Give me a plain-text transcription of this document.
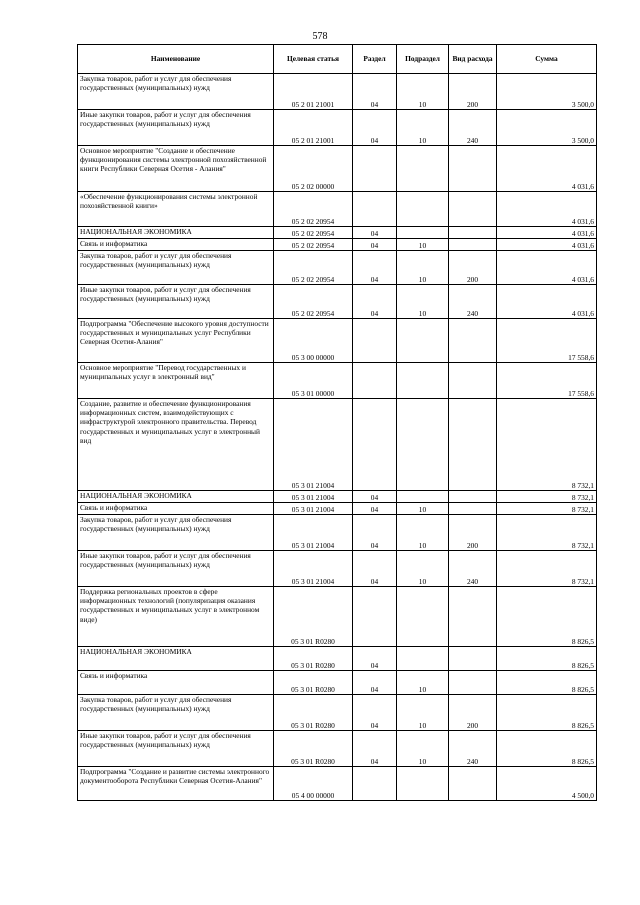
578
Наименование	Целевая статья	Раздел	Подраздел	Вид расхода	Сумма
Закупка товаров, работ и услуг для обеспечения государственных (муниципальных) нужд	05 2 01 21001	04	10	200	3 500,0
Иные закупки товаров, работ и услуг для обеспечения государственных (муниципальных) нужд	05 2 01 21001	04	10	240	3 500,0
Основное мероприятие "Создание и обеспечение функционирования системы электронной похозяйственной книги Республики Северная Осетия - Алания"	05 2 02 00000				4 031,6
«Обеспечение функционирования системы электронной похозяйственной книги»	05 2 02 20954				4 031,6
НАЦИОНАЛЬНАЯ ЭКОНОМИКА	05 2 02 20954	04			4 031,6
Связь и информатика	05 2 02 20954	04	10		4 031,6
Закупка товаров, работ и услуг для обеспечения государственных (муниципальных) нужд	05 2 02 20954	04	10	200	4 031,6
Иные закупки товаров, работ и услуг для обеспечения государственных (муниципальных) нужд	05 2 02 20954	04	10	240	4 031,6
Подпрограмма "Обеспечение высокого уровня доступности государственных и муниципальных услуг Республики Северная Осетия-Алания"	05 3 00 00000				17 558,6
Основное мероприятие "Перевод государственных и муниципальных услуг в электронный вид"	05 3 01 00000				17 558,6
Создание, развитие и обеспечение функционирования информационных систем, взаимодействующих с инфраструктурой электронного правительства. Перевод государственных и муниципальных услуг в электронный вид	05 3 01 21004				8 732,1
НАЦИОНАЛЬНАЯ ЭКОНОМИКА	05 3 01 21004	04			8 732,1
Связь и информатика	05 3 01 21004	04	10		8 732,1
Закупка товаров, работ и услуг для обеспечения государственных (муниципальных) нужд	05 3 01 21004	04	10	200	8 732,1
Иные закупки товаров, работ и услуг для обеспечения государственных (муниципальных) нужд	05 3 01 21004	04	10	240	8 732,1
Поддержка региональных проектов в сфере информационных технологий (популяризация оказания государственных и муниципальных услуг в электронном виде)	05 3 01 R0280				8 826,5
НАЦИОНАЛЬНАЯ ЭКОНОМИКА	05 3 01 R0280	04			8 826,5
Связь и информатика	05 3 01 R0280	04	10		8 826,5
Закупка товаров, работ и услуг для обеспечения государственных (муниципальных) нужд	05 3 01 R0280	04	10	200	8 826,5
Иные закупки товаров, работ и услуг для обеспечения государственных (муниципальных) нужд	05 3 01 R0280	04	10	240	8 826,5
Подпрограмма "Создание и развитие системы электронного документооборота Республики Северная Осетия-Алания"	05 4 00 00000				4 500,0
